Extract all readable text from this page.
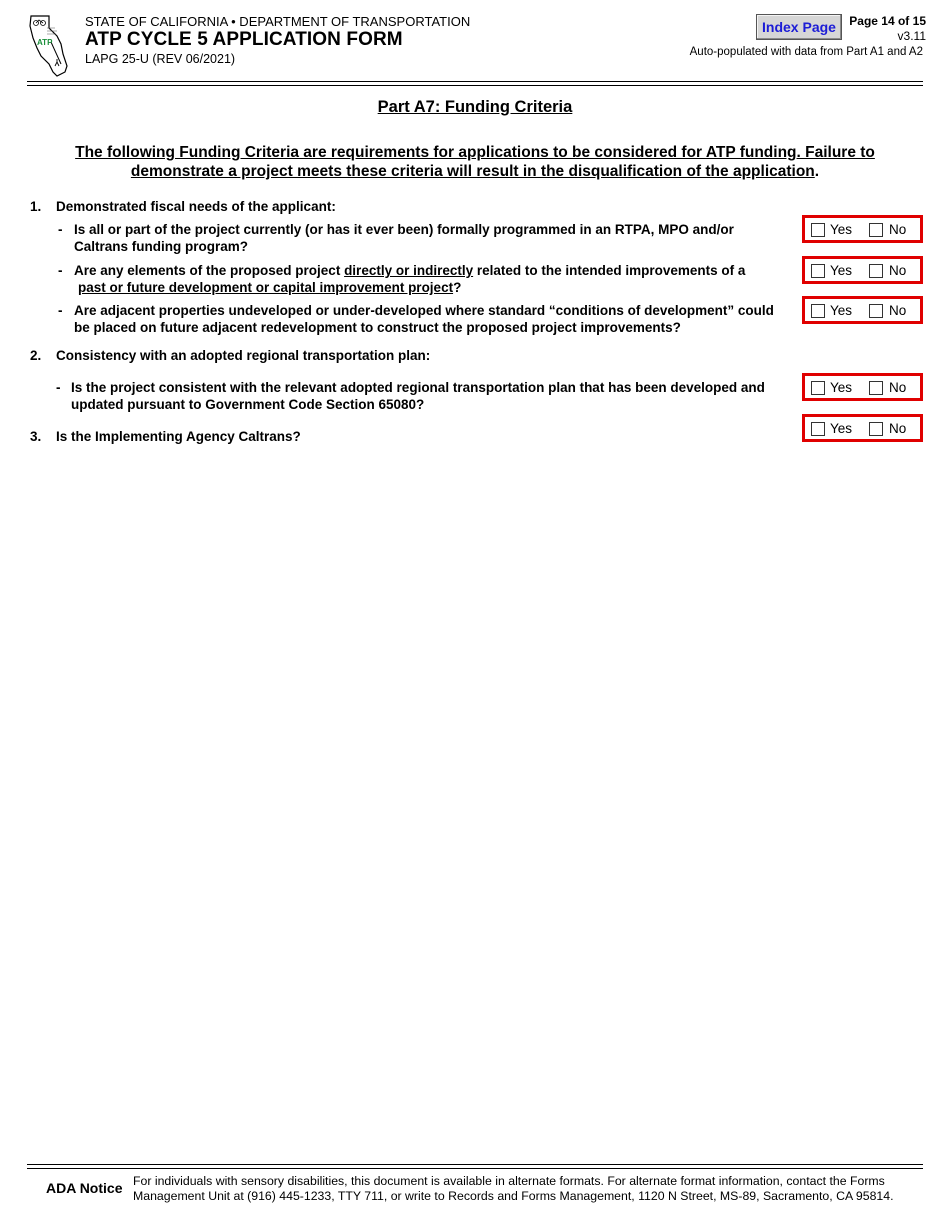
ATP
STATE OF CALIFORNIA • DEPARTMENT OF TRANSPORTATION
ATP CYCLE 5 APPLICATION FORM
LAPG 25-U (REV 06/2021)
Index Page	Page 14 of 15
v3.11
Auto-populated with data from Part A1 and A2
Part A7: Funding Criteria
The following Funding Criteria are requirements for applications to be considered for ATP funding. Failure to demonstrate a project meets these criteria will result in the disqualification of the application.
1. Demonstrated fiscal needs of the applicant:
- Is all or part of the project currently (or has it ever been) formally programmed in an RTPA, MPO and/or Caltrans funding program?
Yes	No
- Are any elements of the proposed project directly or indirectly related to the intended improvements of a past or future development or capital improvement project?
Yes	No
- Are adjacent properties undeveloped or under-developed where standard “conditions of development” could be placed on future adjacent redevelopment to construct the proposed project improvements?
Yes	No
2. Consistency with an adopted regional transportation plan:
- Is the project consistent with the relevant adopted regional transportation plan that has been developed and updated pursuant to Government Code Section 65080?
Yes	No
3. Is the Implementing Agency Caltrans?
Yes	No
ADA Notice For individuals with sensory disabilities, this document is available in alternate formats. For alternate format information, contact the Forms Management Unit at (916) 445-1233, TTY 711, or write to Records and Forms Management, 1120 N Street, MS-89, Sacramento, CA 95814.
